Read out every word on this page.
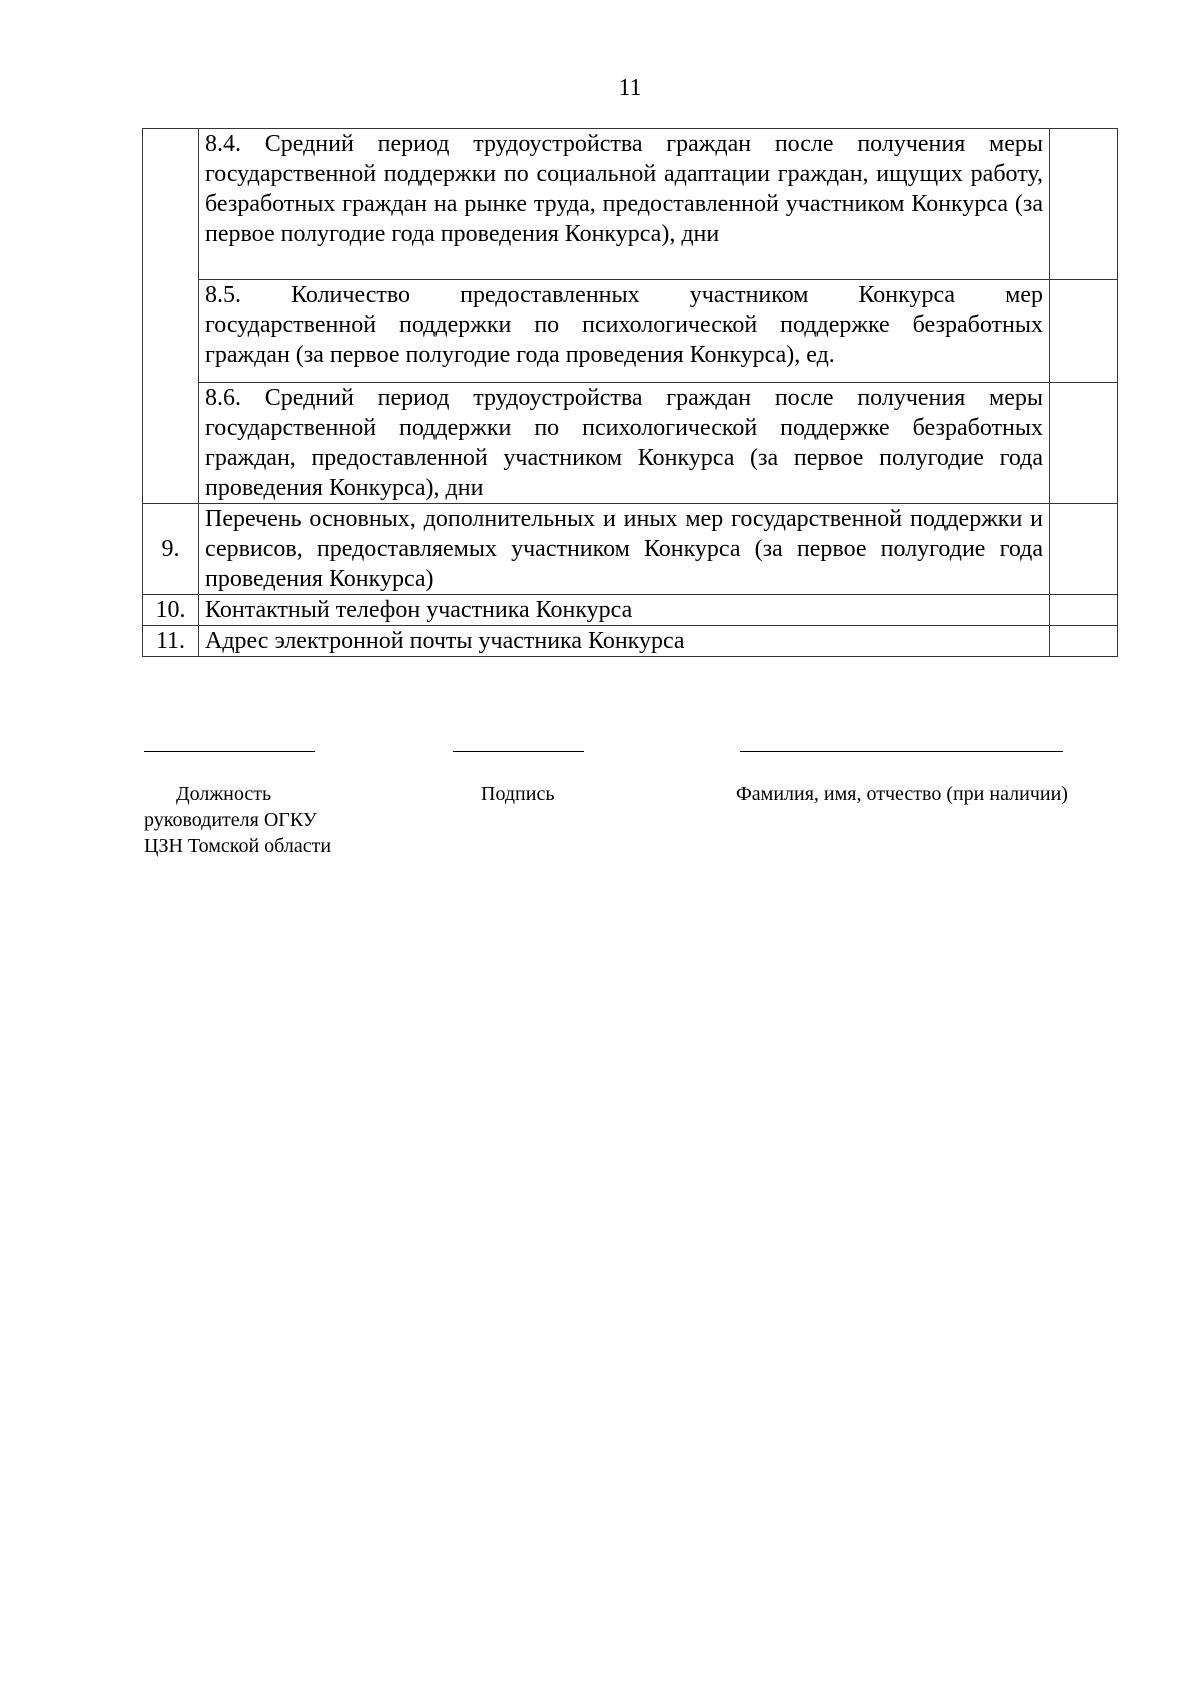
11
	8.4. Средний период трудоустройства граждан после получения меры государственной поддержки по социальной адаптации граждан, ищущих работу, безработных граждан на рынке труда, предоставленной участником Конкурса (за первое полугодие года проведения Конкурса), дни	

	8.5. Количество предоставленных участником Конкурса мер
государственной поддержки по психологической поддержке безработных граждан (за первое полугодие года проведения Конкурса), ед.	

	8.6. Средний период трудоустройства граждан после получения меры государственной поддержки по психологической поддержке безработных граждан, предоставленной участником Конкурса (за первое полугодие года проведения Конкурса), дни	
9.	Перечень основных, дополнительных и иных мер государственной поддержки и сервисов, предоставляемых участником Конкурса (за первое полугодие года проведения Конкурса)	
10.	Контактный телефон участника Конкурса	
11.	Адрес электронной почты участника Конкурса	
Должность
руководителя ОГКУ
ЦЗН Томской области
Подпись	Фамилия, имя, отчество (при наличии)
